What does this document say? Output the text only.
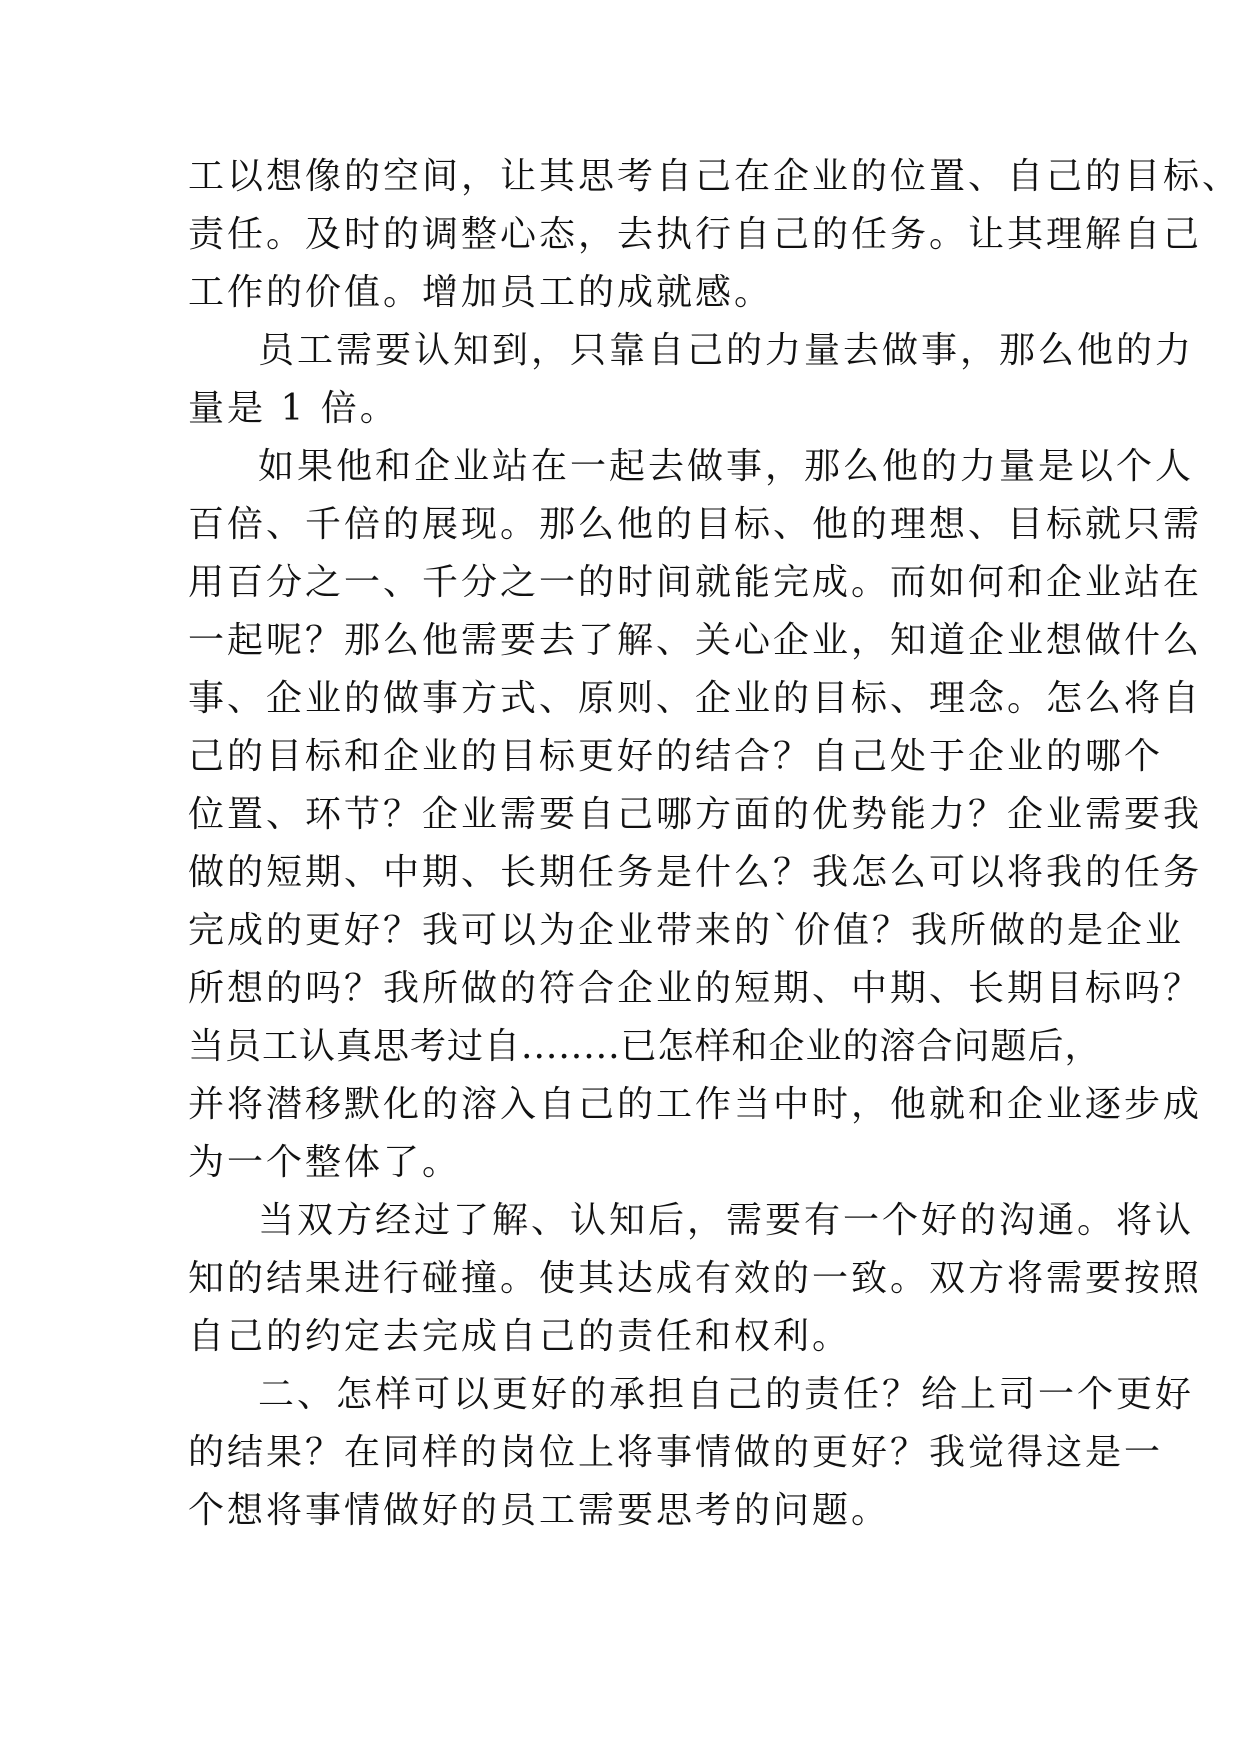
工以想像的空间，让其思考自己在企业的位置、自己的目标、
责任。及时的调整心态，去执行自己的任务。让其理解自己
工作的价值。增加员工的成就感。
员工需要认知到，只靠自己的力量去做事，那么他的力
量是 1 倍。
如果他和企业站在一起去做事，那么他的力量是以个人
百倍、千倍的展现。那么他的目标、他的理想、目标就只需
用百分之一、千分之一的时间就能完成。而如何和企业站在
一起呢？那么他需要去了解、关心企业，知道企业想做什么
事、企业的做事方式、原则、企业的目标、理念。怎么将自
己的目标和企业的目标更好的结合？自己处于企业的哪个
位置、环节？企业需要自己哪方面的优势能力？企业需要我
做的短期、中期、长期任务是什么？我怎么可以将我的任务
完成的更好？我可以为企业带来的`价值？我所做的是企业
所想的吗？我所做的符合企业的短期、中期、长期目标吗？
当员工认真思考过自........已怎样和企业的溶合问题后，
并将潜移默化的溶入自己的工作当中时，他就和企业逐步成
为一个整体了。
当双方经过了解、认知后，需要有一个好的沟通。将认
知的结果进行碰撞。使其达成有效的一致。双方将需要按照
自己的约定去完成自己的责任和权利。
二、怎样可以更好的承担自己的责任？给上司一个更好
的结果？在同样的岗位上将事情做的更好？我觉得这是一
个想将事情做好的员工需要思考的问题。
